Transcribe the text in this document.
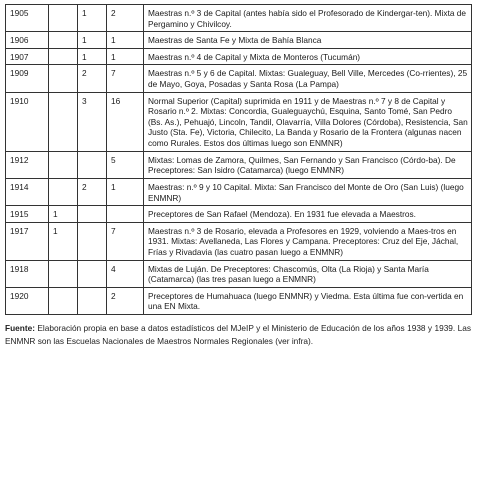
1905		1	2	Maestras n.º 3 de Capital (antes había sido el Profesorado de Kindergar-ten). Mixta de Pergamino y Chivilcoy.
1906		1	1	Maestras de Santa Fe y Mixta de Bahía Blanca
1907		1	1	Maestras n.º 4 de Capital y Mixta de Monteros (Tucumán)
1909		2	7	Maestras n.º 5 y 6 de Capital. Mixtas: Gualeguay, Bell Ville, Mercedes (Co-rrientes), 25 de Mayo, Goya, Posadas y Santa Rosa (La Pampa)
1910		3	16	Normal Superior (Capital) suprimida en 1911 y de Maestras n.º 7 y 8 de Capital y Rosario n.º 2. Mixtas: Concordia, Gualeguaychú, Esquina, Santo Tomé, San Pedro (Bs. As.), Pehuajó, Lincoln, Tandil, Olavarría, Villa Dolores (Córdoba), Resistencia, San Justo (Sta. Fe), Victoria, Chilecito, La Banda y Rosario de la Frontera (algunas nacen como Rurales. Estos dos últimas luego son ENMNR)
1912			5	Mixtas: Lomas de Zamora, Quilmes, San Fernando y San Francisco (Córdo-ba). De Preceptores: San Isidro (Catamarca) (luego ENMNR)
1914		2	1	Maestras: n.º 9 y 10 Capital. Mixta: San Francisco del Monte de Oro (San Luis) (luego ENMNR)
1915	1			Preceptores de San Rafael (Mendoza). En 1931 fue elevada a Maestros.
1917	1		7	Maestras n.º 3 de Rosario, elevada a Profesores en 1929, volviendo a Maes-tros en 1931. Mixtas: Avellaneda, Las Flores y Campana. Preceptores: Cruz del Eje, Jáchal, Frías y Rivadavia (las cuatro pasan luego a ENMNR)
1918			4	Mixtas de Luján. De Preceptores: Chascomús, Olta (La Rioja) y Santa María (Catamarca) (las tres pasan luego a ENMNR)
1920			2	Preceptores de Humahuaca (luego ENMNR) y Viedma. Esta última fue con-vertida en una EN Mixta.
Fuente: Elaboración propia en base a datos estadísticos del MJeIP y el Ministerio de Educación de los años 1938 y 1939. Las ENMNR son las Escuelas Nacionales de Maestros Normales Regionales (ver infra).
